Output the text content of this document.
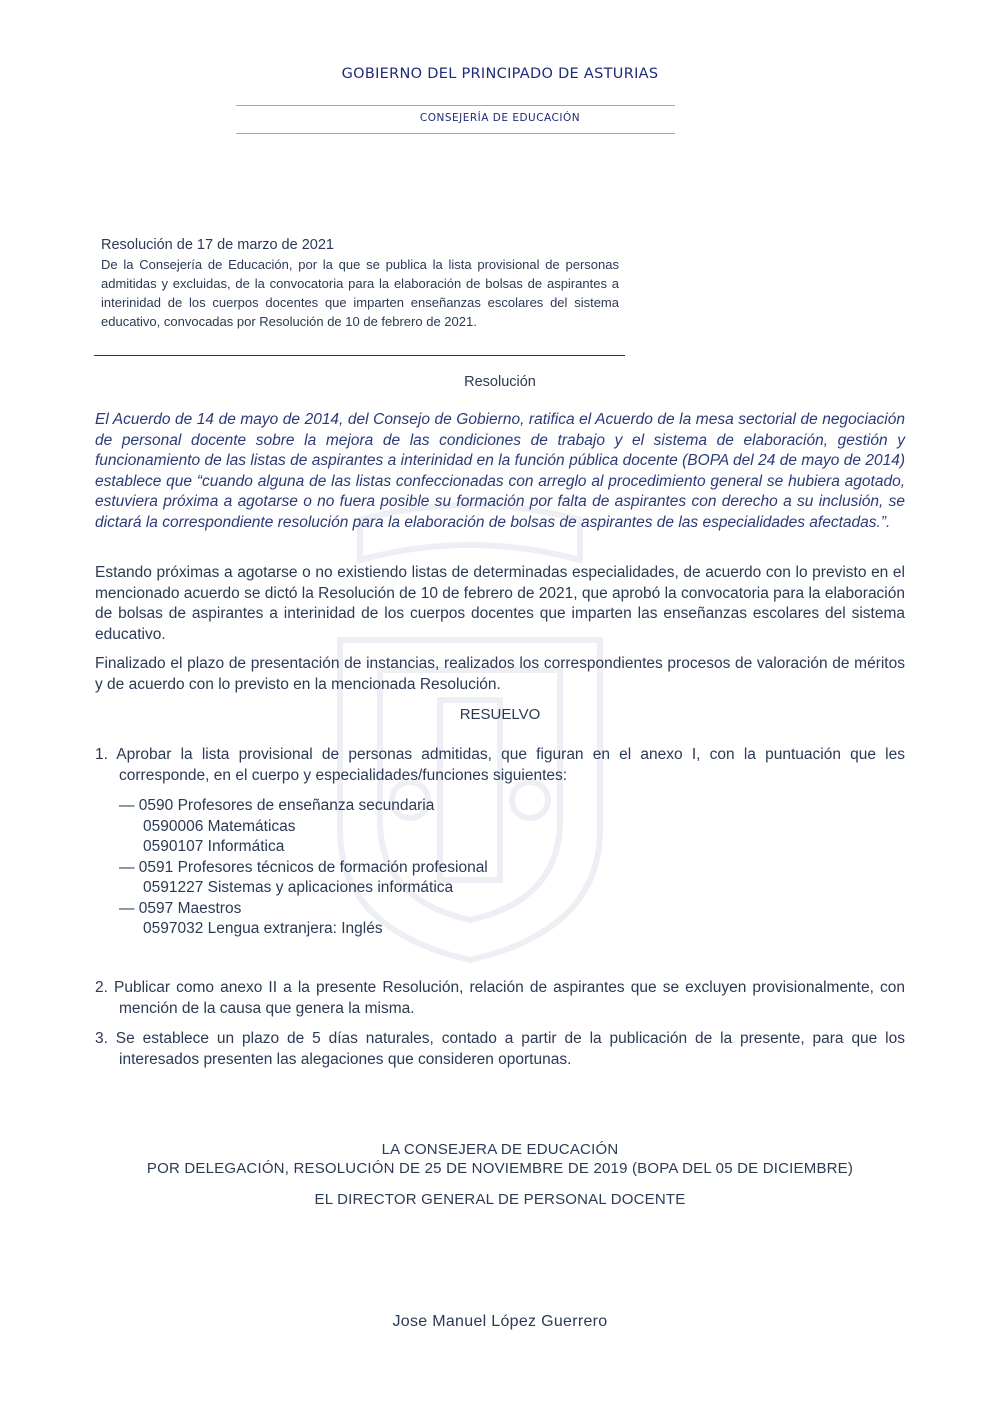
GOBIERNO DEL PRINCIPADO DE ASTURIAS
CONSEJERÍA DE EDUCACIÓN
Resolución de 17 de marzo de 2021
De la Consejería de Educación, por la que se publica la lista provisional de personas admitidas y excluidas, de la convocatoria para la elaboración de bolsas de aspirantes a interinidad de los cuerpos docentes que imparten enseñanzas escolares del sistema educativo, convocadas por Resolución de 10 de febrero de 2021.
Resolución
El Acuerdo de 14 de mayo de 2014, del Consejo de Gobierno, ratifica el Acuerdo de la mesa sectorial de negociación de personal docente sobre la mejora de las condiciones de trabajo y el sistema de elaboración, gestión y funcionamiento de las listas de aspirantes a interinidad en la función pública docente (BOPA del 24 de mayo de 2014) establece que “cuando alguna de las listas confeccionadas con arreglo al procedimiento general se hubiera agotado, estuviera próxima a agotarse o no fuera posible su formación por falta de aspirantes con derecho a su inclusión, se dictará la correspondiente resolución para la elaboración de bolsas de aspirantes de las especialidades afectadas.”.
Estando próximas a agotarse o no existiendo listas de determinadas especialidades, de acuerdo con lo previsto en el mencionado acuerdo se dictó la Resolución de 10 de febrero de 2021, que aprobó la convocatoria para la elaboración de bolsas de aspirantes a interinidad de los cuerpos docentes que imparten las enseñanzas escolares del sistema educativo.
Finalizado el plazo de presentación de instancias, realizados los correspondientes procesos de valoración de méritos y de acuerdo con lo previsto en la mencionada Resolución.
RESUELVO
1. Aprobar la lista provisional de personas admitidas, que figuran en el anexo I, con la puntuación que les corresponde, en el cuerpo y especialidades/funciones siguientes:
— 0590 Profesores de enseñanza secundaria
0590006 Matemáticas
0590107 Informática
— 0591 Profesores técnicos de formación profesional
0591227 Sistemas y aplicaciones informática
— 0597 Maestros
0597032 Lengua extranjera: Inglés
2. Publicar como anexo II a la presente Resolución, relación de aspirantes que se excluyen provisionalmente, con mención de la causa que genera la misma.
3. Se establece un plazo de 5 días naturales, contado a partir de la publicación de la presente, para que los interesados presenten las alegaciones que consideren oportunas.
LA CONSEJERA DE EDUCACIÓN
POR DELEGACIÓN, RESOLUCIÓN DE 25 DE NOVIEMBRE DE 2019 (BOPA DEL 05 DE DICIEMBRE)
EL DIRECTOR GENERAL DE PERSONAL DOCENTE
Jose Manuel López Guerrero
